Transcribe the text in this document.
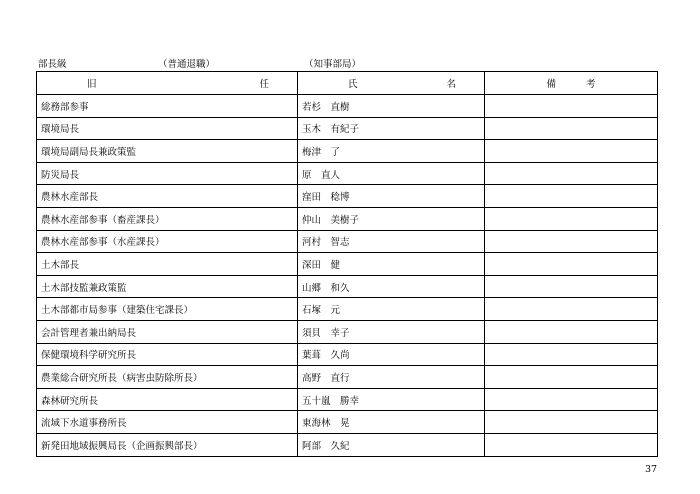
部長級	（普通退職）	（知事部局）
旧 任	氏 名	備 考

総務部参事	若杉　直樹	
環境局長	玉木　有紀子	
環境局副局長兼政策監	梅津　了	
防災局長	原　直人	
農林水産部長	窪田　稔博	
農林水産部参事（畜産課長）	仲山　美樹子	
農林水産部参事（水産課長）	河村　智志	
土木部長	深田　健	
土木部技監兼政策監	山郷　和久	
土木部都市局参事（建築住宅課長）	石塚　元	
会計管理者兼出納局長	須貝　幸子	
保健環境科学研究所長	葉葺　久尚	
農業総合研究所長（病害虫防除所長）	高野　直行	
森林研究所長	五十嵐　勝幸	
流域下水道事務所長	東海林　晃	
新発田地域振興局長（企画振興部長）	阿部　久紀	
37
